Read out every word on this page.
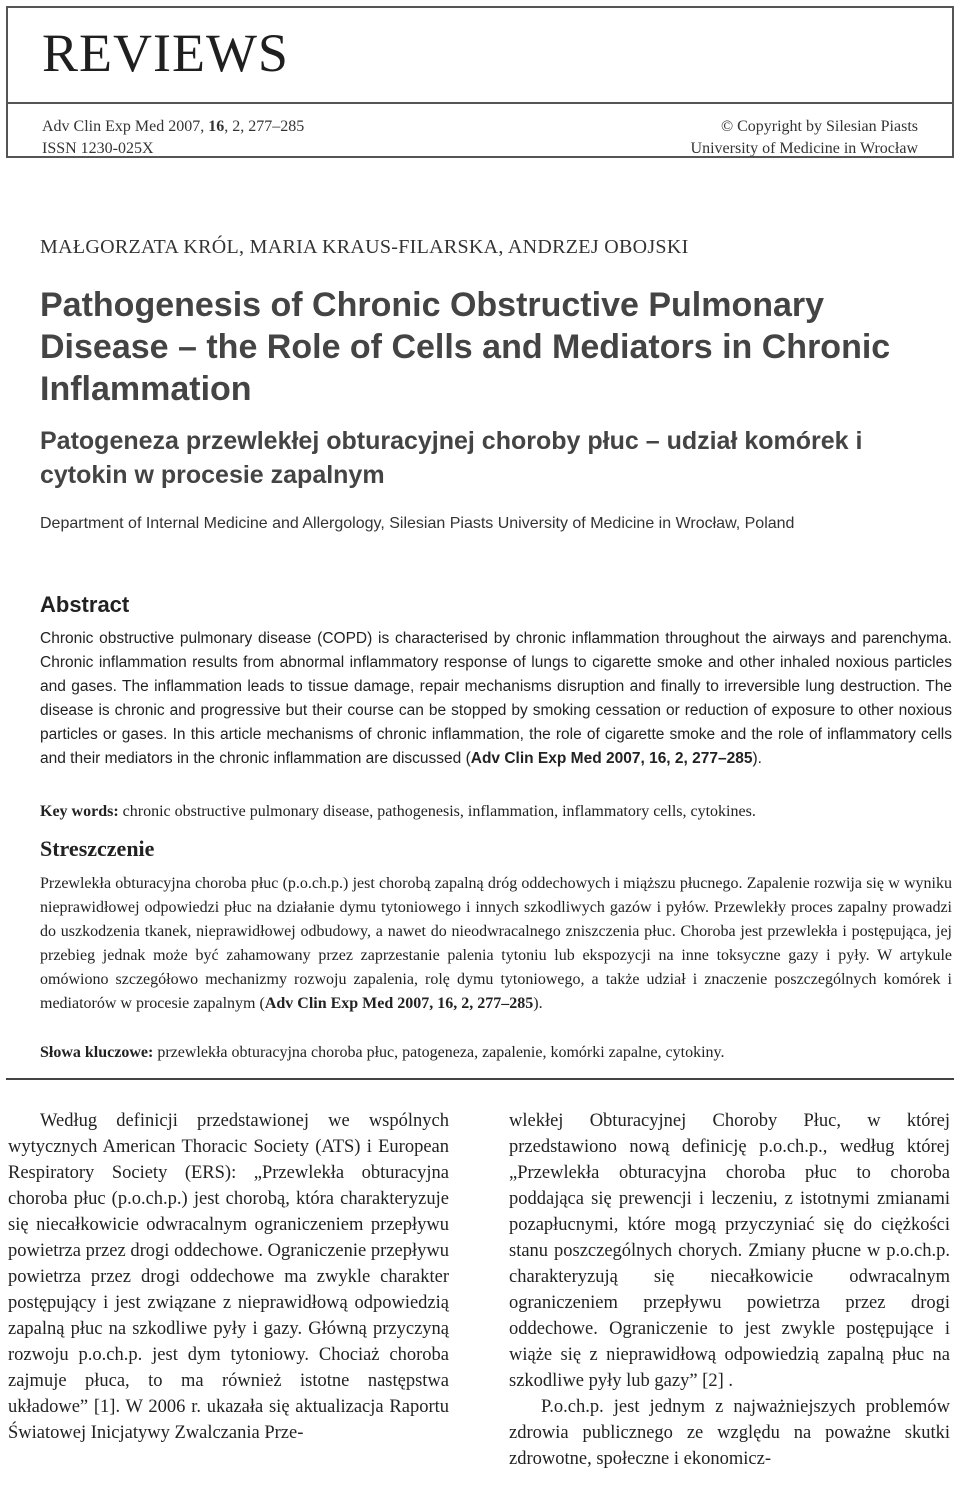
REVIEWS
Adv Clin Exp Med 2007, 16, 2, 277–285
ISSN 1230-025X
© Copyright by Silesian Piasts
University of Medicine in Wrocław
MAŁGORZATA KRÓL, MARIA KRAUS-FILARSKA, ANDRZEJ OBOJSKI
Pathogenesis of Chronic Obstructive Pulmonary Disease – the Role of Cells and Mediators in Chronic Inflammation
Patogeneza przewlekłej obturacyjnej choroby płuc – udział komórek i cytokin w procesie zapalnym
Department of Internal Medicine and Allergology, Silesian Piasts University of Medicine in Wrocław, Poland
Abstract

Chronic obstructive pulmonary disease (COPD) is characterised by chronic inflammation throughout the airways and parenchyma. Chronic inflammation results from abnormal inflammatory response of lungs to cigarette smoke and other inhaled noxious particles and gases. The inflammation leads to tissue damage, repair mechanisms disruption and finally to irreversible lung destruction. The disease is chronic and progressive but their course can be stopped by smoking cessation or reduction of exposure to other noxious particles or gases. In this article mechanisms of chronic inflammation, the role of cigarette smoke and the role of inflammatory cells and their mediators in the chronic inflammation are discussed (Adv Clin Exp Med 2007, 16, 2, 277–285).

Key words: chronic obstructive pulmonary disease, pathogenesis, inflammation, inflammatory cells, cytokines.

Streszczenie

Przewlekła obturacyjna choroba płuc (p.o.ch.p.) jest chorobą zapalną dróg oddechowych i miąższu płucnego. Zapalenie rozwija się w wyniku nieprawidłowej odpowiedzi płuc na działanie dymu tytoniowego i innych szkodliwych gazów i pyłów. Przewlekły proces zapalny prowadzi do uszkodzenia tkanek, nieprawidłowej odbudowy, a nawet do nieodwracalnego zniszczenia płuc. Choroba jest przewlekła i postępująca, jej przebieg jednak może być zahamowany przez zaprzestanie palenia tytoniu lub ekspozycji na inne toksyczne gazy i pyły. W artykule omówiono szczegółowo mechanizmy rozwoju zapalenia, rolę dymu tytoniowego, a także udział i znaczenie poszczególnych komórek i mediatorów w procesie zapalnym (Adv Clin Exp Med 2007, 16, 2, 277–285).

Słowa kluczowe: przewlekła obturacyjna choroba płuc, patogeneza, zapalenie, komórki zapalne, cytokiny.

Według definicji przedstawionej we wspólnych wytycznych American Thoracic Society (ATS) i European Respiratory Society (ERS): „Przewlekła obturacyjna choroba płuc (p.o.ch.p.) jest chorobą, która charakteryzuje się niecałkowicie odwracalnym ograniczeniem przepływu powietrza przez drogi oddechowe. Ograniczenie przepływu powietrza przez drogi oddechowe ma zwykle charakter postępujący i jest związane z nieprawidłową odpowiedzią zapalną płuc na szkodliwe pyły i gazy. Główną przyczyną rozwoju p.o.ch.p. jest dym tytoniowy. Chociaż choroba zajmuje płuca, to ma również istotne następstwa układowe” [1]. W 2006 r. ukazała się aktualizacja Raportu Światowej Inicjatywy Zwalczania Prze-

wlekłej Obturacyjnej Choroby Płuc, w której przedstawiono nową definicję p.o.ch.p., według której „Przewlekła obturacyjna choroba płuc to choroba poddająca się prewencji i leczeniu, z istotnymi zmianami pozapłucnymi, które mogą przyczyniać się do ciężkości stanu poszczególnych chorych. Zmiany płucne w p.o.ch.p. charakteryzują się niecałkowicie odwracalnym ograniczeniem przepływu powietrza przez drogi oddechowe. Ograniczenie to jest zwykle postępujące i wiąże się z nieprawidłową odpowiedzią zapalną płuc na szkodliwe pyły lub gazy” [2] .

P.o.ch.p. jest jednym z najważniejszych problemów zdrowia publicznego ze względu na poważne skutki zdrowotne, społeczne i ekonomicz-
